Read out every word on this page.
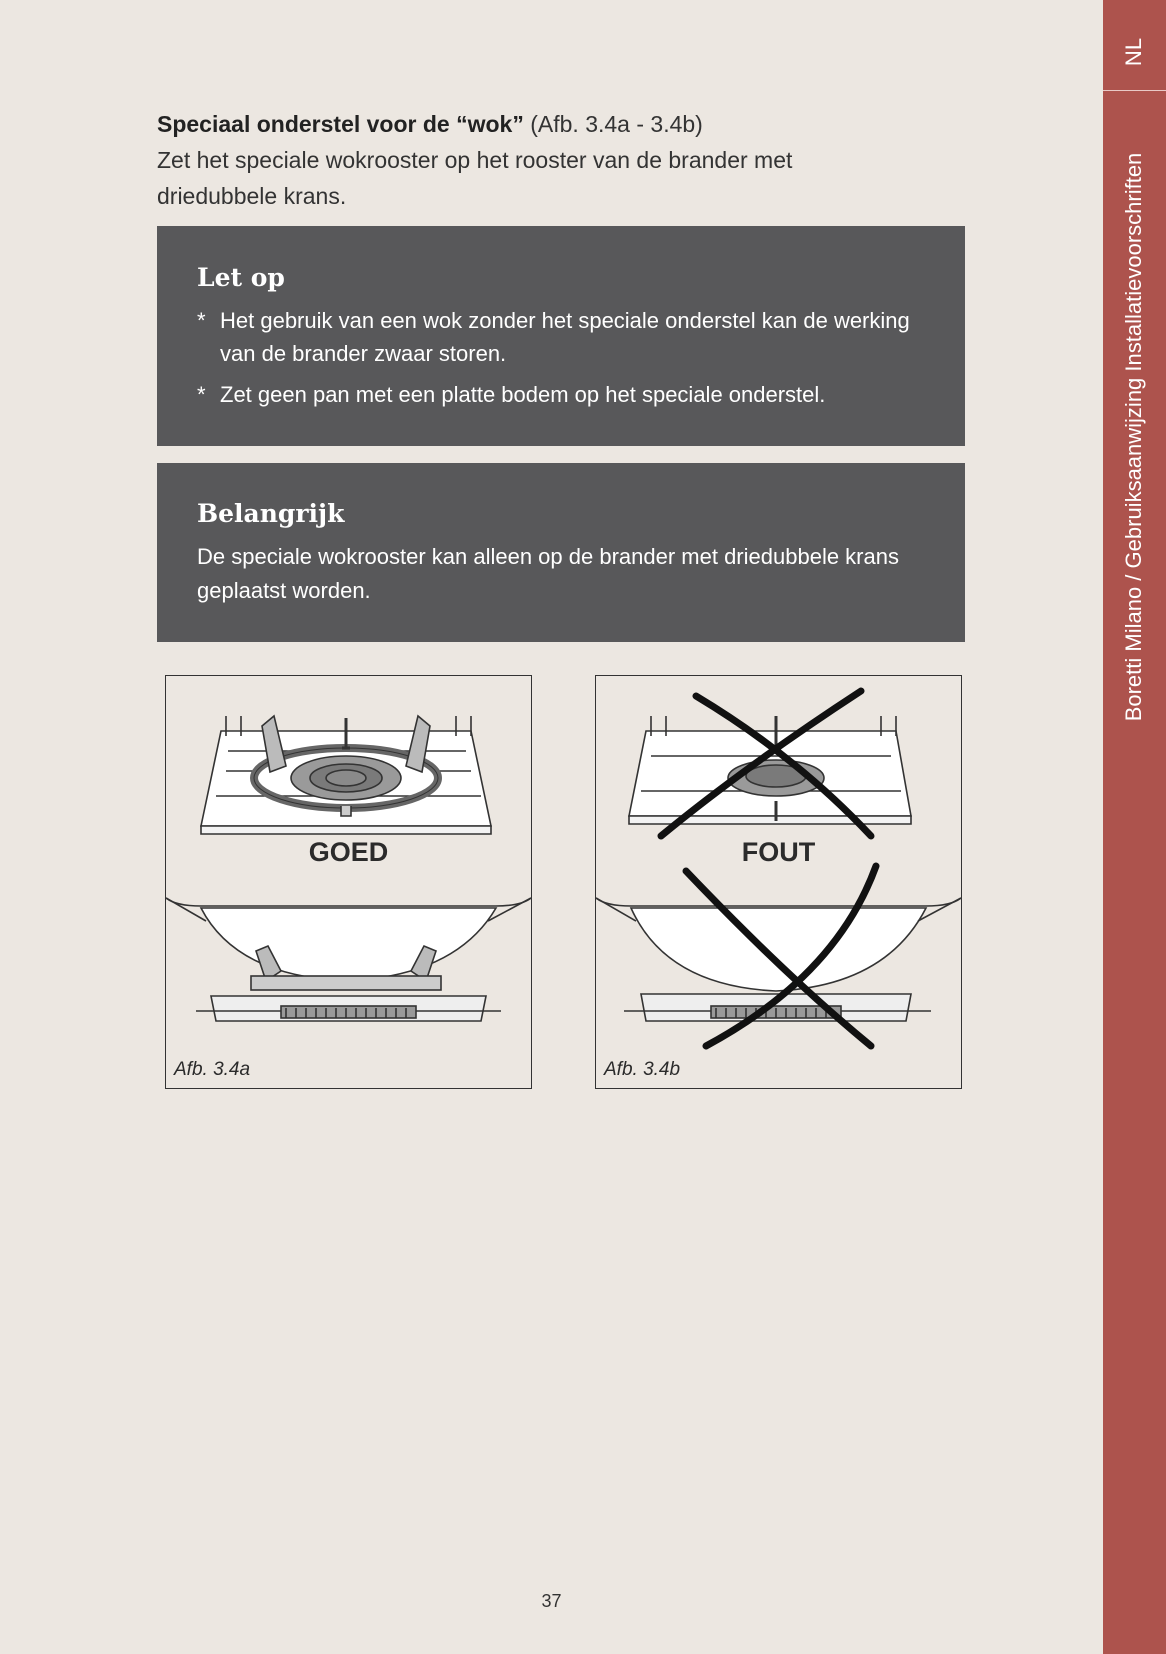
Speciaal onderstel voor de “wok” (Afb. 3.4a - 3.4b)
Zet het speciale wokrooster op het rooster van de brander met
driedubbele krans.
Let op
* Het gebruik van een wok zonder het speciale onderstel kan de werking van de brander zwaar storen.
* Zet geen pan met een platte bodem op het speciale onderstel.
Belangrijk

De speciale wokrooster kan alleen op de brander met driedubbele krans geplaatst worden.

GOED
Afb. 3.4a
FOUT
Afb. 3.4b
37
NL
Boretti Milano / Gebruiksaanwijzing Installatievoorschriften
